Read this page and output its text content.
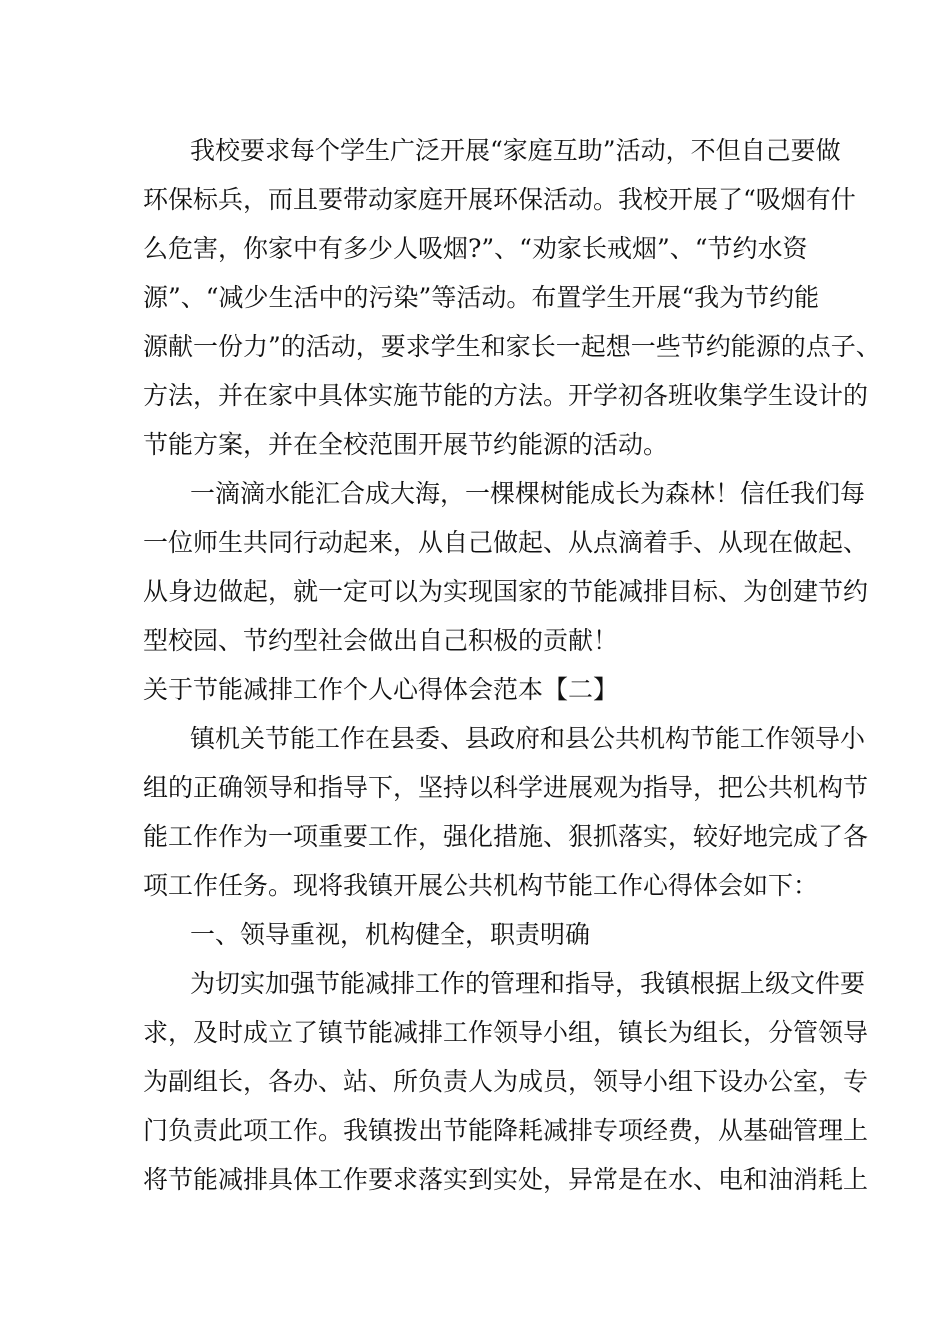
我校要求每个学生广泛开展“家庭互助”活动，不但自己要做
环保标兵，而且要带动家庭开展环保活动。我校开展了“吸烟有什
么危害，你家中有多少人吸烟?”、“劝家长戒烟”、“节约水资
源”、“减少生活中的污染”等活动。布置学生开展“我为节约能
源献一份力”的活动，要求学生和家长一起想一些节约能源的点子、
方法，并在家中具体实施节能的方法。开学初各班收集学生设计的
节能方案，并在全校范围开展节约能源的活动。
一滴滴水能汇合成大海，一棵棵树能成长为森林！信任我们每
一位师生共同行动起来，从自己做起、从点滴着手、从现在做起、
从身边做起，就一定可以为实现国家的节能减排目标、为创建节约
型校园、节约型社会做出自己积极的贡献！
关于节能减排工作个人心得体会范本【二】
镇机关节能工作在县委、县政府和县公共机构节能工作领导小
组的正确领导和指导下，坚持以科学进展观为指导，把公共机构节
能工作作为一项重要工作，强化措施、狠抓落实，较好地完成了各
项工作任务。现将我镇开展公共机构节能工作心得体会如下：
一、领导重视，机构健全，职责明确
为切实加强节能减排工作的管理和指导，我镇根据上级文件要
求，及时成立了镇节能减排工作领导小组，镇长为组长，分管领导
为副组长，各办、站、所负责人为成员，领导小组下设办公室，专
门负责此项工作。我镇拨出节能降耗减排专项经费，从基础管理上
将节能减排具体工作要求落实到实处，异常是在水、电和油消耗上
